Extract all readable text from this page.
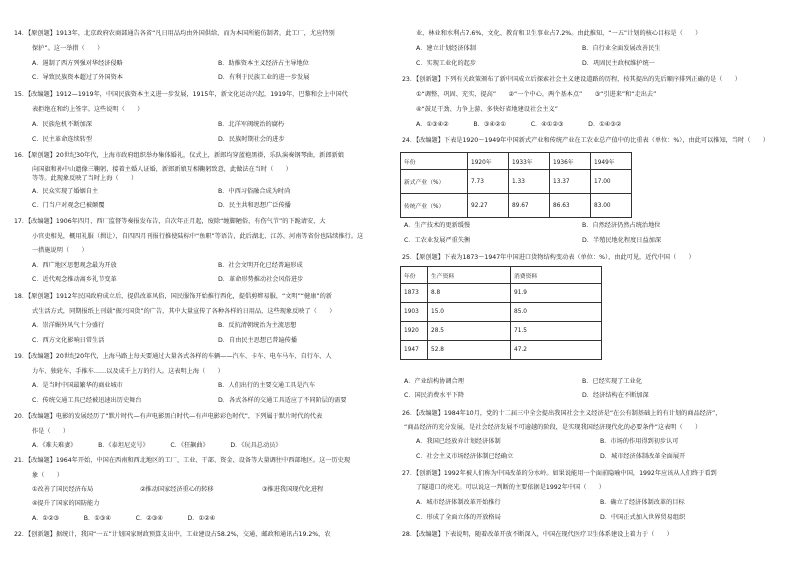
14．【原创题】1913年，北京政府农商部通告各省“凡日用品均由外国供给，而为本国所能仿制者，此工厂，尤应特别
保护”。这一举措（　　）
A．遏制了西方列强对华经济侵略	B．助推资本主义经济占主导地位
C．导致民族资本超过了外国资本	D．有利于民族工业的进一步发展
15．【改编题】1912—1919年，中国民族资本主义进一步发展，1915年，新文化运动兴起，1919年，巴黎和会上中国代
表拒绝在和约上签字。这些说明（　　）
A．民族危机不断加深	B．北洋军阀统治的腐朽
C．民主革命连续转型	D．民族时期社会的进步
16．【原创题】20世纪30年代，上海市政府组织举办集体婚礼，仪式上，新郎均穿蓝袍黑褂，乐队演奏钢琴曲，新郎新娘
向国旗和孙中山遗像三鞠躬，接着主婚人证婚，新郎新娘互相鞠躬致意，此做法在当时（　　）
等等。此现象反映了当时上海（　　）
A．民众实现了婚姻自主	B．中西习俗融合成为时尚
C．门当户对观念已被颠覆	D．民主共和思想广泛传播
17．【改编题】1906年四月，西厂监督等奏报发布告，自次年正月起，废除“缠脚陋俗，有伤气节”的下跪请安，大
小官吏相见，概用礼服（揖让），自四四月刊报行推使陆标中“鱼职”等语告，此后湖北、江苏、河南等省份也陆续推行。这
一措施说明（　　）
A．西广地区思想观念最为开放	B．社会文明开化已经普遍形成
C．近代观念推动离乡礼节变革	D．革命形势推动社会风俗进步
18．【原创题】1912年民国政府成立后，提倡改革风俗，国民服饰开始推行西化，提倡剪辫易服，“文明”“健康”的新
式生活方式，同期报纸上刊载“振兴国货”的广告，其中大量宣传了各种各样的日用品，这些现象反映了（　　）
A．崇洋媚外风气十分盛行	B．反抗清朝统治为主流思想
C．西方文化影响日常生活	D．自由民主思想已普遍传播
19．【改编题】20世纪20年代，上海马路上每天要通过大量各式各样的车辆——汽车、卡车、电车马车、自行车、人
力车、独轮车、手推车……以及成千上万的行人。这表明上海（　　）
A．是当时中国最繁华的商业城市	B．人们出行的主要交通工具是汽车
C．传统交通工具已经被迅速出历史舞台	D．各式各样的交通工具适应了不同阶层的需要
20．【改编题】电影的发展经历了“默片时代—有声电影黑白时代—有声电影彩色时代”，下列属于默片时代的代表
作是（　　）
A．《难夫难妻》　　　　B．《泰坦尼克号》　　　　C．《狂飙曲》　　　　D．《玩具总动员》
21．【改编题】1964年开始，中国在西南和西北地区的工厂、工业、干部、资金、设备等大量调往中西部地区。这一历史现
象（　　）
①改善了国民经济布局	②推动国家经济重心的转移	③推进我国现代化进程
④提升了国家的国防能力
A．①②③　　　　B．①③④　　　　C．②③④　　　　D．①②④
22．【创新题】据统计，我国“一五”计划国家财政预算支出中，工业建设占58.2%，交通、邮政和通讯占19.2%，农
业、林业和水利占7.6%，文化、教育和卫生事业占7.2%。由此推知，“一五”计划的核心目标是（　　）
A．建立计划经济体制	B．自行业全面发展改善民生
C．实现工业化的起步	D．巩固民主政权维护统一
23．【创新题】下列有关政策颁布了新中国成立后探索社会主义建设道路的历程，按其提出的先后顺序排列正确的是（　　）
①“调整、巩固、充实、提高”　　②“一个中心，两个基本点”　　③“引进来”和“走出去”
④“鼓足干劲、力争上游、多快好省地建设社会主义”
A．①③④②　　　　B．③④②①　　　　C．④①②③　　　　D．①④③②
24．【改编题】下表是1920～1949年中国新式产业和传统产业在工农业总产值中的比重表（单位：%），由此可以推知，当时（　　）
年份	1920年	1933年	1936年	1949年
新式产业（%）	7.73	1.33	13.37	17.00
传统产业（%）	92.27	89.67	86.63	83.00
A．生产技术的更新缓慢	B．自然经济仍然占统治地位
C．工农业发展严重失衡	D．半殖民地化程度日益加深
25．【原创题】下表为1873～1947年中国进口货物结构变动表（单位：%），由此可见，近代中国（　　）
年份	生产资料	消费资料
1873	8.8	91.9
1903	15.0	85.0
1920	28.5	71.5
1947	52.8	47.2
A．产业结构协调合理	B．已经实现了工业化
C．国民消费水平下降	D．经济结构在不断加深
26．【改编题】1984年10月，党的十二届三中全会提出我国社会主义经济是“在公有制基础上的有计划的商品经济”，
“商品经济的充分发展，是社会经济发展不可逾越的阶段，是实现我国经济现代化的必要条件”这表明（　　）
A．我国已经放弃计划经济体制	B．市场的作用得到初步认可
C．社会主义市场经济体制已经确立	D．城市经济体制改革全面展开
27．【创新题】1992年被人们称为中国改革的分水岭。如果说能用一个面前隐喻中国，1992年应该从人们终于看到
了隧道口的亮光。可以说这一判断的主要依据是1992年中国（　　）
A．城市经济体制改革开始推行	B．确立了经济体制改革的目标
C．形成了全面立体的开放格局	D．中国正式加入世界贸易组织
28．【改编题】下表说明，随着改革开放不断深入，中国在现代医疗卫生体系建设上着力于（　　）
